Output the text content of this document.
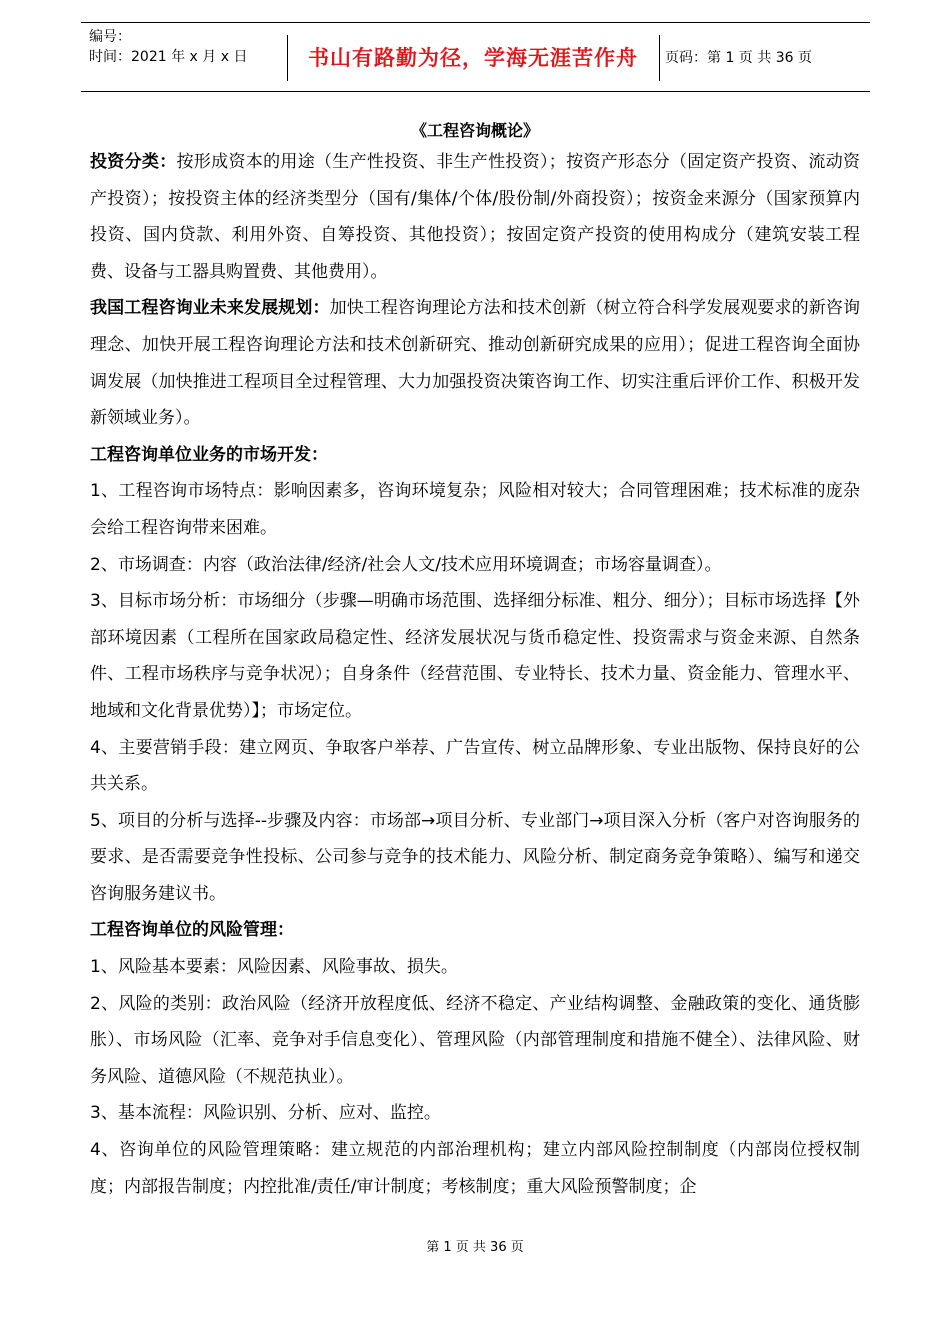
编号：
时间：2021 年 x 月 x 日	书山有路勤为径，学海无涯苦作舟	页码：第 1 页 共 36 页
《工程咨询概论》

投资分类：按形成资本的用途（生产性投资、非生产性投资）；按资产形态分（固定资产投资、流动资产投资）；按投资主体的经济类型分（国有/集体/个体/股份制/外商投资）；按资金来源分（国家预算内投资、国内贷款、利用外资、自筹投资、其他投资）；按固定资产投资的使用构成分（建筑安装工程费、设备与工器具购置费、其他费用）。

我国工程咨询业未来发展规划：加快工程咨询理论方法和技术创新（树立符合科学发展观要求的新咨询理念、加快开展工程咨询理论方法和技术创新研究、推动创新研究成果的应用）；促进工程咨询全面协调发展（加快推进工程项目全过程管理、大力加强投资决策咨询工作、切实注重后评价工作、积极开发新领域业务）。

工程咨询单位业务的市场开发：

1、工程咨询市场特点：影响因素多，咨询环境复杂；风险相对较大；合同管理困难；技术标准的庞杂会给工程咨询带来困难。

2、市场调查：内容（政治法律/经济/社会人文/技术应用环境调查；市场容量调查）。

3、目标市场分析：市场细分（步骤—明确市场范围、选择细分标准、粗分、细分）；目标市场选择【外部环境因素（工程所在国家政局稳定性、经济发展状况与货币稳定性、投资需求与资金来源、自然条件、工程市场秩序与竞争状况）；自身条件（经营范围、专业特长、技术力量、资金能力、管理水平、地域和文化背景优势）】；市场定位。

4、主要营销手段：建立网页、争取客户举荐、广告宣传、树立品牌形象、专业出版物、保持良好的公共关系。

5、项目的分析与选择--步骤及内容：市场部→项目分析、专业部门→项目深入分析（客户对咨询服务的要求、是否需要竞争性投标、公司参与竞争的技术能力、风险分析、制定商务竞争策略）、编写和递交咨询服务建议书。

工程咨询单位的风险管理：

1、风险基本要素：风险因素、风险事故、损失。

2、风险的类别：政治风险（经济开放程度低、经济不稳定、产业结构调整、金融政策的变化、通货膨胀）、市场风险（汇率、竞争对手信息变化）、管理风险（内部管理制度和措施不健全）、法律风险、财务风险、道德风险（不规范执业）。

3、基本流程：风险识别、分析、应对、监控。

4、咨询单位的风险管理策略：建立规范的内部治理机构；建立内部风险控制制度（内部岗位授权制度；内部报告制度；内控批准/责任/审计制度；考核制度；重大风险预警制度；企

第 1 页 共 36 页
